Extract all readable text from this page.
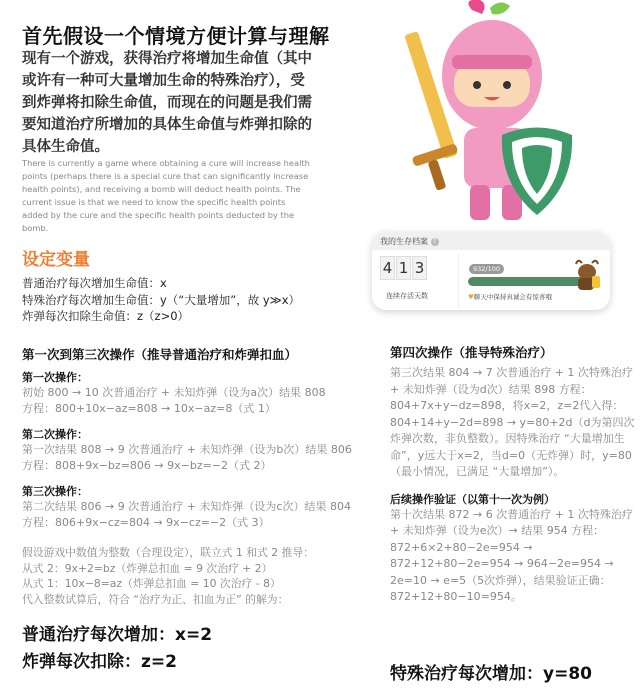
首先假设一个情境方便计算与理解
现有一个游戏，获得治疗将增加生命值（其中或许有一种可大量增加生命的特殊治疗），受到炸弹将扣除生命值，而现在的问题是我们需要知道治疗所增加的具体生命值与炸弹扣除的具体生命值。
There is currently a game where obtaining a cure will increase health points (perhaps there is a special cure that can significantly increase health points), and receiving a bomb will deduct health points. The current issue is that we need to know the specific health points added by the cure and the specific health points deducted by the bomb.
设定变量
普通治疗每次增加生命值：x
特殊治疗每次增加生命值：y（“大量增加”，故 y≫x）
炸弹每次扣除生命值：z（z>0）
第一次到第三次操作（推导普通治疗和炸弹扣血）
第一次操作：
初始 800 → 10 次普通治疗 + 未知炸弹（设为a次）结果 808
方程：800+10x−az=808 → 10x−az=8（式 1）
第二次操作：
第一次结果 808 → 9 次普通治疗 + 未知炸弹（设为b次）结果 806
方程：808+9x−bz=806 → 9x−bz=−2（式 2）
第三次操作：
第二次结果 806 → 9 次普通治疗 + 未知炸弹（设为c次）结果 804
方程：806+9x−cz=804 → 9x−cz=−2（式 3）
假设游戏中数值为整数（合理设定），联立式 1 和式 2 推导：
从式 2：9x+2=bz（炸弹总扣血 = 9 次治疗 + 2）
从式 1：10x−8=az（炸弹总扣血 = 10 次治疗 - 8）
代入整数试算后，符合 “治疗为正、扣血为正” 的解为：
普通治疗每次增加：x=2
炸弹每次扣除：z=2
我的生存档案 ?
4 1 3
连续存活天数
932/100
♥聊天中保持真诚会有惊喜哦
第四次操作（推导特殊治疗）
第三次结果 804 → 7 次普通治疗 + 1 次特殊治疗 + 未知炸弹（设为d次）结果 898 方程：804+7x+y−dz=898，将x=2，z=2代入得：804+14+y−2d=898 → y=80+2d（d为第四次炸弹次数，非负整数）。因特殊治疗 “大量增加生命”，y远大于x=2，当d=0（无炸弹）时，y=80（最小情况，已满足 “大量增加”）。
后续操作验证（以第十一次为例）
第十次结果 872 → 6 次普通治疗 + 1 次特殊治疗 + 未知炸弹（设为e次）→ 结果 954 方程：872+6×2+80−2e=954 → 872+12+80−2e=954 → 964−2e=954 → 2e=10 → e=5（5次炸弹），结果验证正确：872+12+80−10=954。
特殊治疗每次增加：y=80
